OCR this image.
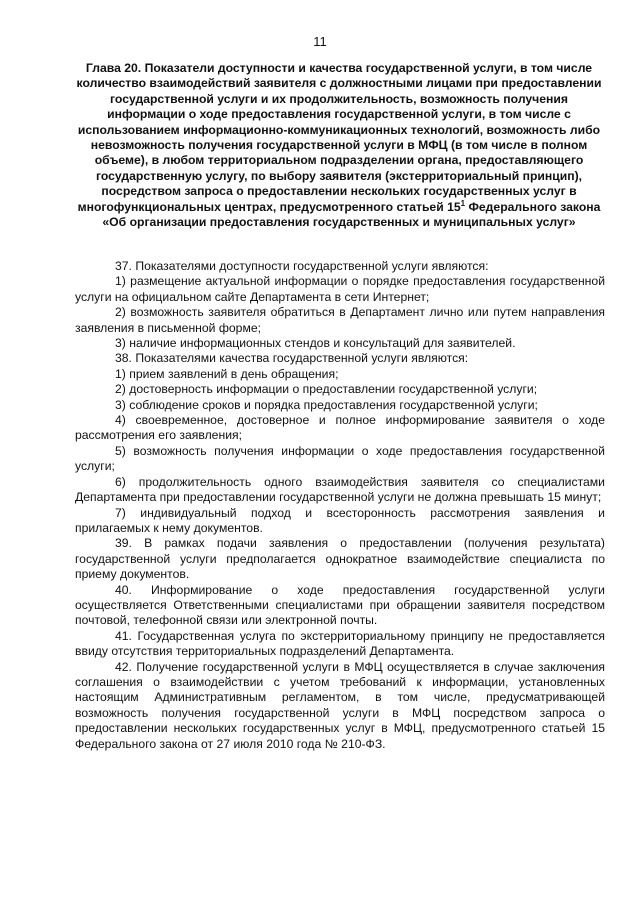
11
Глава 20. Показатели доступности и качества государственной услуги, в том числе количество взаимодействий заявителя с должностными лицами при предоставлении государственной услуги и их продолжительность, возможность получения информации о ходе предоставления государственной услуги, в том числе с использованием информационно-коммуникационных технологий, возможность либо невозможность получения государственной услуги в МФЦ (в том числе в полном объеме), в любом территориальном подразделении органа, предоставляющего государственную услугу, по выбору заявителя (экстерриториальный принцип), посредством запроса о предоставлении нескольких государственных услуг в многофункциональных центрах, предусмотренного статьей $15^1$ Федерального закона «Об организации предоставления государственных и муниципальных услуг»

37. Показателями доступности государственной услуги являются:

1) размещение актуальной информации о порядке предоставления государственной услуги на официальном сайте Департамента в сети Интернет;

2) возможность заявителя обратиться в Департамент лично или путем направления заявления в письменной форме;

3) наличие информационных стендов и консультаций для заявителей.

38. Показателями качества государственной услуги являются:

1) прием заявлений в день обращения;

2) достоверность информации о предоставлении государственной услуги;

3) соблюдение сроков и порядка предоставления государственной услуги;

4) своевременное, достоверное и полное информирование заявителя о ходе рассмотрения его заявления;

5) возможность получения информации о ходе предоставления государственной услуги;

6) продолжительность одного взаимодействия заявителя со специалистами Департамента при предоставлении государственной услуги не должна превышать 15 минут;

7) индивидуальный подход и всесторонность рассмотрения заявления и прилагаемых к нему документов.

39. В рамках подачи заявления о предоставлении (получения результата) государственной услуги предполагается однократное взаимодействие специалиста по приему документов.

40. Информирование о ходе предоставления государственной услуги осуществляется Ответственными специалистами при обращении заявителя посредством почтовой, телефонной связи или электронной почты.

41. Государственная услуга по экстерриториальному принципу не предоставляется ввиду отсутствия территориальных подразделений Департамента.

42. Получение государственной услуги в МФЦ осуществляется в случае заключения соглашения о взаимодействии с учетом требований к информации, установленных настоящим Административным регламентом, в том числе, предусматривающей возможность получения государственной услуги в МФЦ посредством запроса о предоставлении нескольких государственных услуг в МФЦ, предусмотренного статьей 15 Федерального закона от 27 июля 2010 года № 210-ФЗ.
